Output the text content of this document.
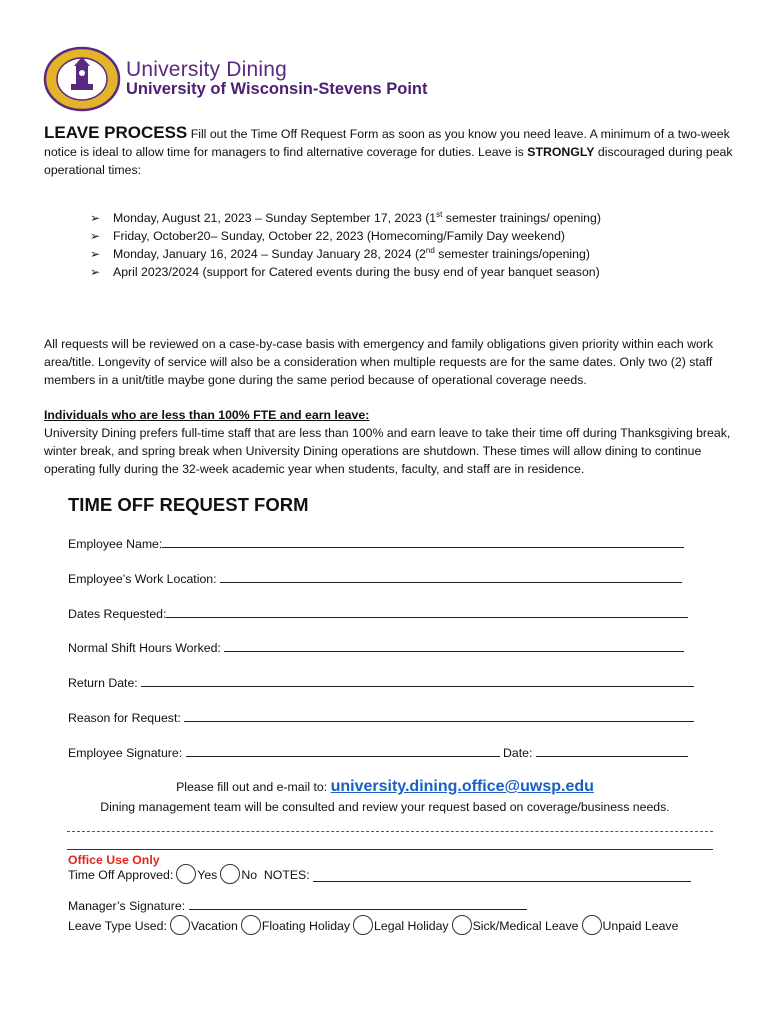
University Dining
University of Wisconsin-Stevens Point
LEAVE PROCESS Fill out the Time Off Request Form as soon as you know you need leave. A minimum of a two-week notice is ideal to allow time for managers to find alternative coverage for duties. Leave is STRONGLY discouraged during peak operational times:
➢ Monday, August 21, 2023 – Sunday September 17, 2023 (1st semester trainings/ opening)
➢ Friday, October20– Sunday, October 22, 2023 (Homecoming/Family Day weekend)
➢ Monday, January 16, 2024 – Sunday January 28, 2024 (2nd semester trainings/opening)
➢ April 2023/2024 (support for Catered events during the busy end of year banquet season)
All requests will be reviewed on a case-by-case basis with emergency and family obligations given priority within each work area/title. Longevity of service will also be a consideration when multiple requests are for the same dates. Only two (2) staff members in a unit/title maybe gone during the same period because of operational coverage needs.
Individuals who are less than 100% FTE and earn leave:
University Dining prefers full-time staff that are less than 100% and earn leave to take their time off during Thanksgiving break, winter break, and spring break when University Dining operations are shutdown. These times will allow dining to continue operating fully during the 32-week academic year when students, faculty, and staff are in residence.
TIME OFF REQUEST FORM
Employee Name:
Employee’s Work Location:
Dates Requested:
Normal Shift Hours Worked:
Return Date:
Reason for Request:
Employee Signature:	Date:
Please fill out and e-mail to: university.dining.office@uwsp.edu
Dining management team will be consulted and review your request based on coverage/business needs.
Office Use Only
Time Off Approved: Yes No NOTES:
Manager’s Signature:
Leave Type Used: Vacation Floating Holiday Legal Holiday Sick/Medical Leave Unpaid Leave
